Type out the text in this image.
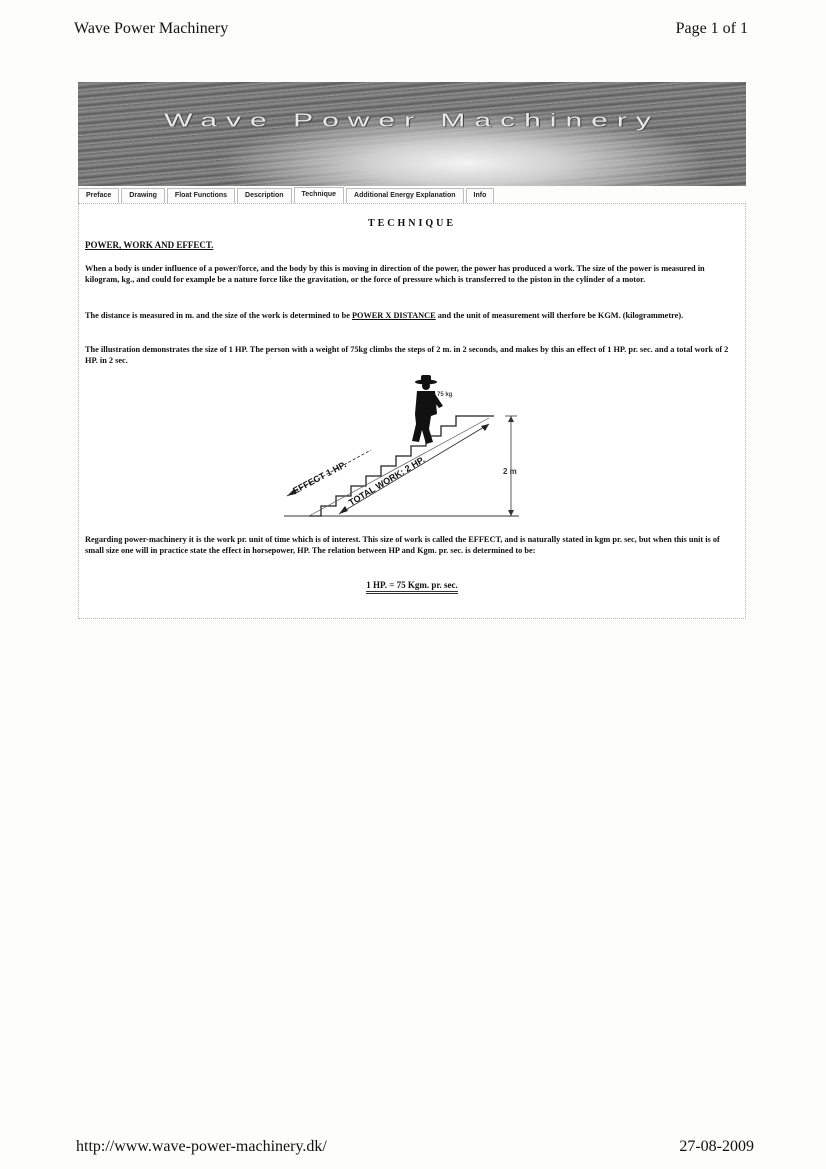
Wave Power Machinery	Page 1 of 1
Wave Power Machinery
Preface	Drawing	Float Functions	Description	Technique	Additional Energy Explanation	Info
TECHNIQUE
POWER, WORK AND EFFECT.
When a body is under influence of a power/force, and the body by this is moving in direction of the power, the power has produced a work. The size of the power is measured in kilogram, kg., and could for example be a nature force like the gravitation, or the force of pressure which is transferred to the piston in the cylinder of a motor.
The distance is measured in m. and the size of the work is determined to be POWER X DISTANCE and the unit of measurement will therfore be KGM. (kilogrammetre).
The illustration demonstrates the size of 1 HP. The person with a weight of 75kg climbs the steps of 2 m. in 2 seconds, and makes by this an effect of 1 HP. pr. sec. and a total work of 2 HP. in 2 sec.
2 m
75 kg
EFFECT 1 HP.
TOTAL WORK: 2 HP.
Regarding power-machinery it is the work pr. unit of time which is of interest. This size of work is called the EFFECT, and is naturally stated in kgm pr. sec, but when this unit is of small size one will in practice state the effect in horsepower, HP. The relation between HP and Kgm. pr. sec. is determined to be:
1 HP. = 75 Kgm. pr. sec.
http://www.wave-power-machinery.dk/	27-08-2009
